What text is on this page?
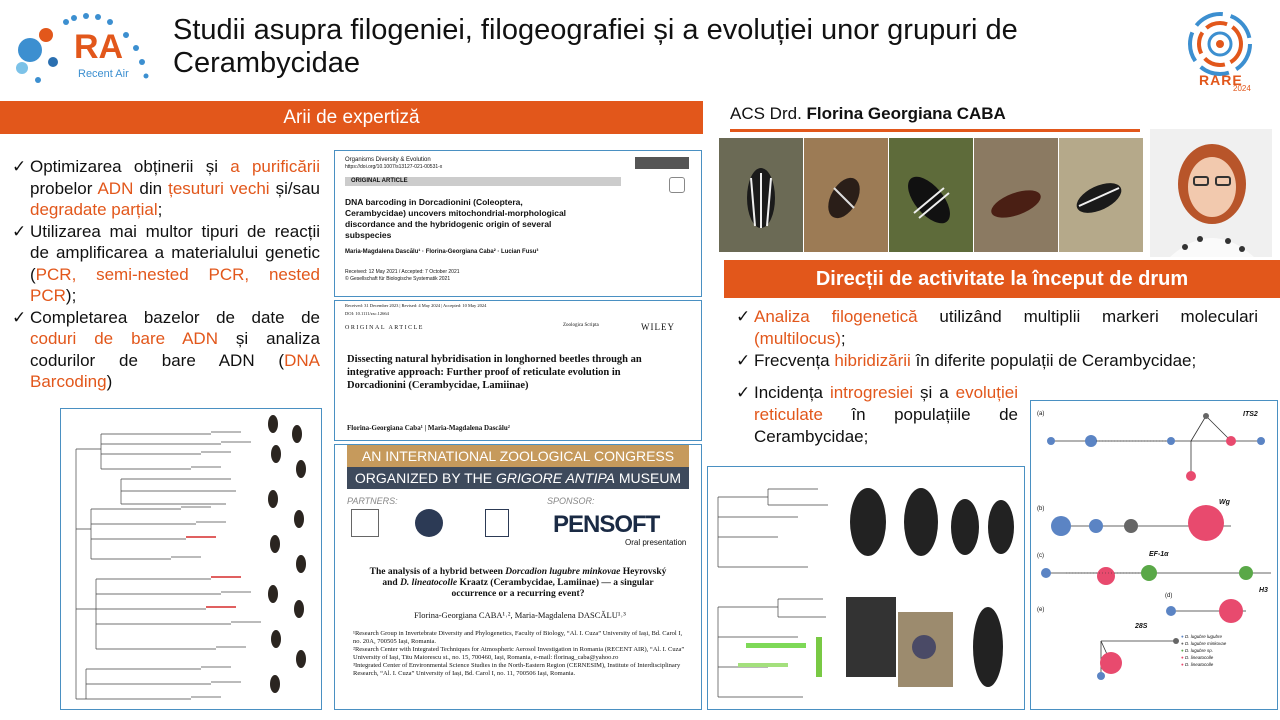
RA
Recent Air
Studii asupra filogeniei, filogeografiei și a evoluției unor grupuri de Cerambycidae
RARE
2024
Arii de expertiză
✓ Optimizarea obținerii și a purificării probelor ADN din țesuturi vechi și/sau degradate parțial;
✓ Utilizarea mai multor tipuri de reacții de amplificarea a materialului genetic (PCR, semi-nested PCR, nested PCR);
✓ Completarea bazelor de date de coduri de bare ADN și analiza codurilor de bare ADN (DNA Barcoding)
Organisms Diversity & Evolution
https://doi.org/10.1007/s13127-021-00531-x
ORIGINAL ARTICLE
DNA barcoding in Dorcadionini (Coleoptera, Cerambycidae) uncovers mitochondrial-morphological discordance and the hybridogenic origin of several subspecies
Maria-Magdalena Dascălu¹ · Florina-Georgiana Caba² · Lucian Fusu³
Received: 12 May 2021 / Accepted: 7 October 2021
© Gesellschaft für Biologische Systematik 2021
Received: 31 December 2023 | Revised: 4 May 2024 | Accepted: 10 May 2024
DOI: 10.1111/zsc.12664
ORIGINAL ARTICLE	Zoologica Scripta	WILEY
Dissecting natural hybridisation in longhorned beetles through an integrative approach: Further proof of reticulate evolution in Dorcadionini (Cerambycidae, Lamiinae)
Florina-Georgiana Caba¹ | Maria-Magdalena Dascălu²
AN INTERNATIONAL ZOOLOGICAL CONGRESS
ORGANIZED BY THE GRIGORE ANTIPA MUSEUM
PARTNERS:	SPONSOR:
PENSOFT
Oral presentation
The analysis of a hybrid between Dorcadion lugubre minkovae Heyrovský and D. lineatocolle Kraatz (Cerambycidae, Lamiinae) — a singular occurrence or a recurring event?
Florina-Georgiana CABA¹˒², Maria-Magdalena DASCĂLU¹˒³
¹Research Group in Invertebrate Diversity and Phylogenetics, Faculty of Biology, “Al. I. Cuza” University of Iași, Bd. Carol I, no. 20A, 700505 Iași, Romania.
²Research Center with Integrated Techniques for Atmospheric Aerosol Investigation in Romania (RECENT AIR), “Al. I. Cuza” University of Iași, Titu Maiorescu st., no. 15, 700460, Iași, Romania, e-mail: florinag_caba@yahoo.ro
³Integrated Center of Environmental Science Studies in the North-Eastern Region (CERNESIM), Institute of Interdisciplinary Research, “Al. I. Cuza” University of Iași, Bd. Carol I, no. 11, 700506 Iași, Romania.
ACS Drd. Florina Georgiana CABA
Direcții de activitate la început de drum
✓ Analiza filogenetică utilizând multiplii markeri moleculari (multilocus);
✓ Frecvența hibridizării în diferite populații de Cerambycidae;
✓ Incidența introgresiei și a evoluției reticulate în populațiile de Cerambycidae;
(a)	ITS2
(b)
Wg
(c)	EF-1α
(d)
H3
(e)
28S
● D. lugubre lugubre
● D. lugubre minkovae
● D. lugubre sp.
● D. lineatocolle
● D. lineatocolle
